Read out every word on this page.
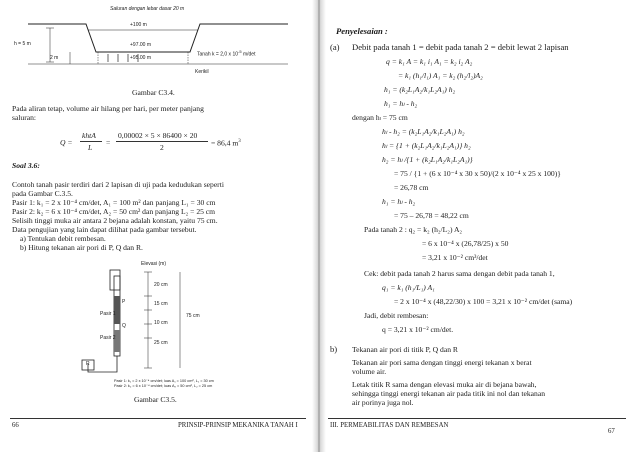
Saluran dengan lebar dasar 20 m
h = 5 m
+100 m
+97.00 m
+95.00 m
2 m
Tanah k = 2,0 x $10^{-5}$ m/det
Kerikil
Gambar C3.4.
Pada aliran tetap, volume air hilang per hari, per meter panjang
saluran:
Q =
khtA
L
=
0,00002 × 5 × 86400 × 20
2	= 86,4 $m^3$
Soal 3.6:
Contoh tanah pasir terdiri dari 2 lapisan di uji pada kedudukan seperti
pada Gambar C.3.5.
Pasir 1: k₁ = 2 x 10⁻⁴ cm/det, A₁ = 100 m² dan panjang L₁ = 30 cm
Pasir 2: k₂ = 6 x 10⁻⁴ cm/det, A₂ = 50 cm² dan panjang L₂ = 25 cm
Selisih tinggi muka air antara 2 bejana adalah konstan, yaitu 75 cm.
Data pengujian yang lain dapat dilihat pada gambar tersebut.
a) Tentukan debit rembesan.
b) Hitung tekanan air pori di P, Q dan R.
Elevasi (m)
20 cm
15 cm
75 cm
10 cm
25 cm
Pasir 1
Pasir 2
P
Q
R
Pasir 1: k₁ = 2 x 10⁻⁴ cm/det; luas A₁ = 100 cm², L₁ = 30 cm
Pasir 2: k₂ = 6 x 10⁻⁴ cm/det; luas A₂ = 50 cm², L₂ = 25 cm
Gambar C3.5.
66	PRINSIP-PRINSIP MEKANIKA TANAH I
Penyelesaian :
(a) Debit pada tanah 1 = debit pada tanah 2 = debit lewat 2 lapisan
q = k₁ A = k₁ i₁ A₁ = k₂ i₂ A₂
= k₁ (h₁/l₁) A₁ = k₂ (h₂/l₂)A₂
h₁ = (k₂L₁A₂/k₁L₂A₁) h₂
h₁ = hₗ - h₂
dengan hₗ = 75 cm
hₗ - h₂ = (k₂L₁A₂/k₁L₂A₁) h₂
hₗ = {1 + (k₂L₁A₂/k₁L₂A₁)} h₂
h₂ = hₗ /{1 + (k₂L₁A₂/k₁L₂A₁)}
= 75 / {1 + (6 x 10⁻⁴ x 30 x 50)/(2 x 10⁻⁴ x 25 x 100)}
= 26,78 cm
h₁ = hₗ - h₂
= 75 – 26,78 = 48,22 cm
Pada tanah 2 : q₂ = k₂ (h₂/L₂) A₂
= 6 x 10⁻⁴ x (26,78/25) x 50
= 3,21 x 10⁻² cm³/det
Cek: debit pada tanah 2 harus sama dengan debit pada tanah 1,
q₁ = k₁ (h₁/L₁) A₁
= 2 x 10⁻⁴ x (48,22/30) x 100 = 3,21 x 10⁻² cm/det (sama)
Jadi, debit rembesan:
q = 3,21 x 10⁻² cm/det.
b) Tekanan air pori di titik P, Q dan R
Tekanan air pori sama dengan tinggi energi tekanan x berat
volume air.
Letak titik R sama dengan elevasi muka air di bejana bawah,
sehingga tinggi energi tekanan air pada titik ini nol dan tekanan
air porinya juga nol.
III. PERMEABILITAS DAN REMBESAN
67
